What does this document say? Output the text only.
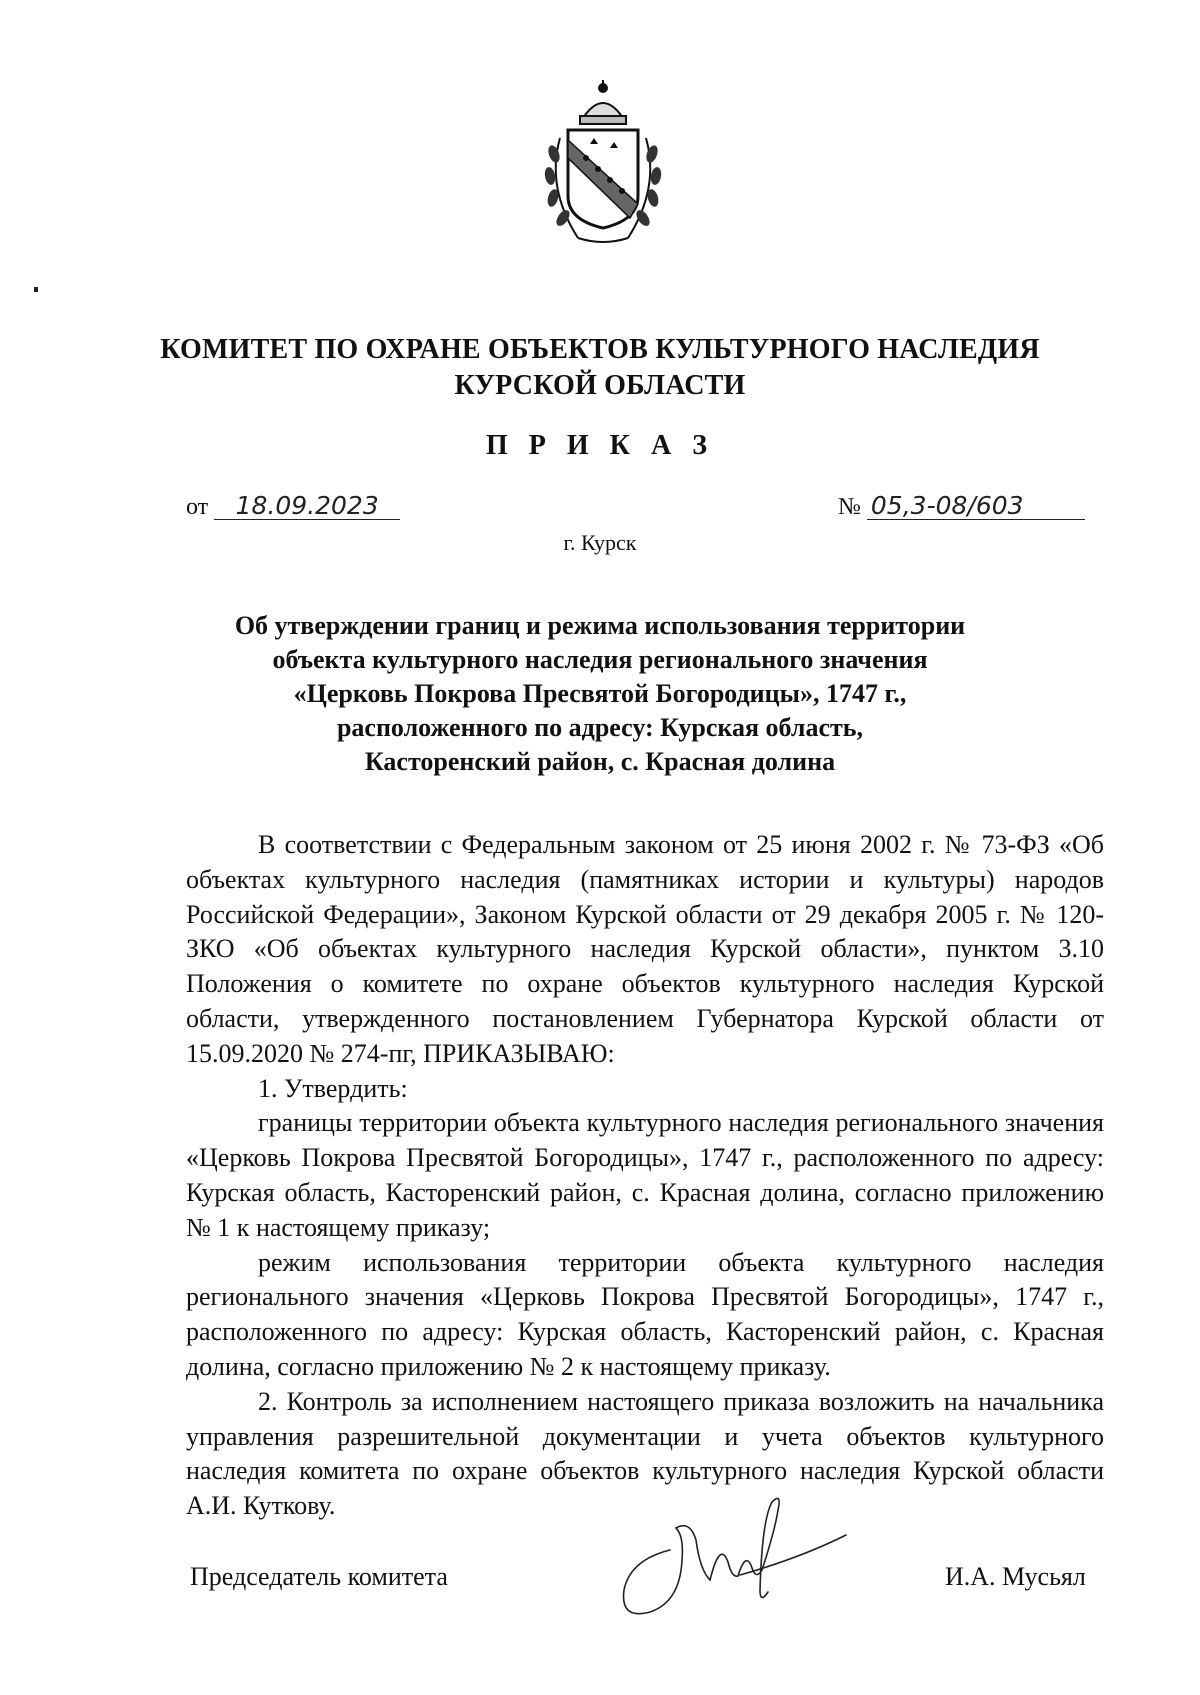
КОМИТЕТ ПО ОХРАНЕ ОБЪЕКТОВ КУЛЬТУРНОГО НАСЛЕДИЯ
КУРСКОЙ ОБЛАСТИ
П Р И К А З
от 18.09.2023	№ 05,3-08/603
г. Курск
Об утверждении границ и режима использования территории
объекта культурного наследия регионального значения
«Церковь Покрова Пресвятой Богородицы», 1747 г.,
расположенного по адресу: Курская область,
Касторенский район, с. Красная долина

В соответствии с Федеральным законом от 25 июня 2002 г. № 73-ФЗ «Об объектах культурного наследия (памятниках истории и культуры) народов Российской Федерации», Законом Курской области от 29 декабря 2005 г. № 120-ЗКО «Об объектах культурного наследия Курской области», пунктом 3.10 Положения о комитете по охране объектов культурного наследия Курской области, утвержденного постановлением Губернатора Курской области от 15.09.2020 № 274-пг, ПРИКАЗЫВАЮ:

1. Утвердить:

границы территории объекта культурного наследия регионального значения «Церковь Покрова Пресвятой Богородицы», 1747 г., расположенного по адресу: Курская область, Касторенский район, с. Красная долина, согласно приложению № 1 к настоящему приказу;

режим использования территории объекта культурного наследия регионального значения «Церковь Покрова Пресвятой Богородицы», 1747 г., расположенного по адресу: Курская область, Касторенский район, с. Красная долина, согласно приложению № 2 к настоящему приказу.

2. Контроль за исполнением настоящего приказа возложить на начальника управления разрешительной документации и учета объектов культурного наследия комитета по охране объектов культурного наследия Курской области А.И. Куткову.

Председатель комитета	И.А. Мусьял
